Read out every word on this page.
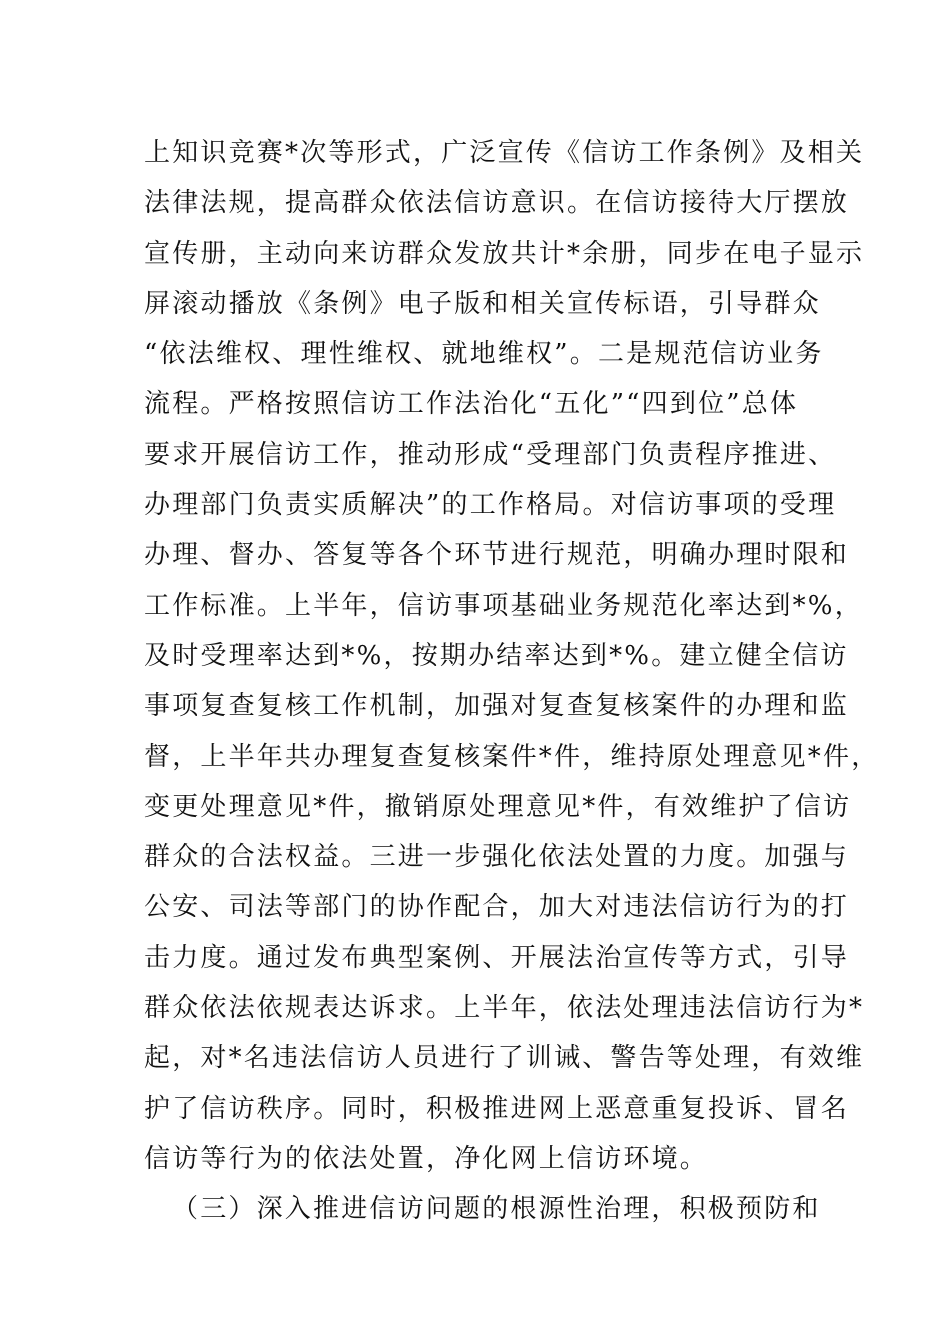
上知识竞赛*次等形式，广泛宣传《信访工作条例》及相关
法律法规，提高群众依法信访意识。在信访接待大厅摆放
宣传册，主动向来访群众发放共计*余册，同步在电子显示
屏滚动播放《条例》电子版和相关宣传标语，引导群众
“依法维权、理性维权、就地维权”。二是规范信访业务
流程。严格按照信访工作法治化“五化”“四到位”总体
要求开展信访工作，推动形成“受理部门负责程序推进、
办理部门负责实质解决”的工作格局。对信访事项的受理
办理、督办、答复等各个环节进行规范，明确办理时限和
工作标准。上半年，信访事项基础业务规范化率达到*%，
及时受理率达到*%，按期办结率达到*%。建立健全信访
事项复查复核工作机制，加强对复查复核案件的办理和监
督，上半年共办理复查复核案件*件，维持原处理意见*件，
变更处理意见*件，撤销原处理意见*件，有效维护了信访
群众的合法权益。三进一步强化依法处置的力度。加强与
公安、司法等部门的协作配合，加大对违法信访行为的打
击力度。通过发布典型案例、开展法治宣传等方式，引导
群众依法依规表达诉求。上半年，依法处理违法信访行为*
起，对*名违法信访人员进行了训诫、警告等处理，有效维
护了信访秩序。同时，积极推进网上恶意重复投诉、冒名
信访等行为的依法处置，净化网上信访环境。
（三）深入推进信访问题的根源性治理，积极预防和
